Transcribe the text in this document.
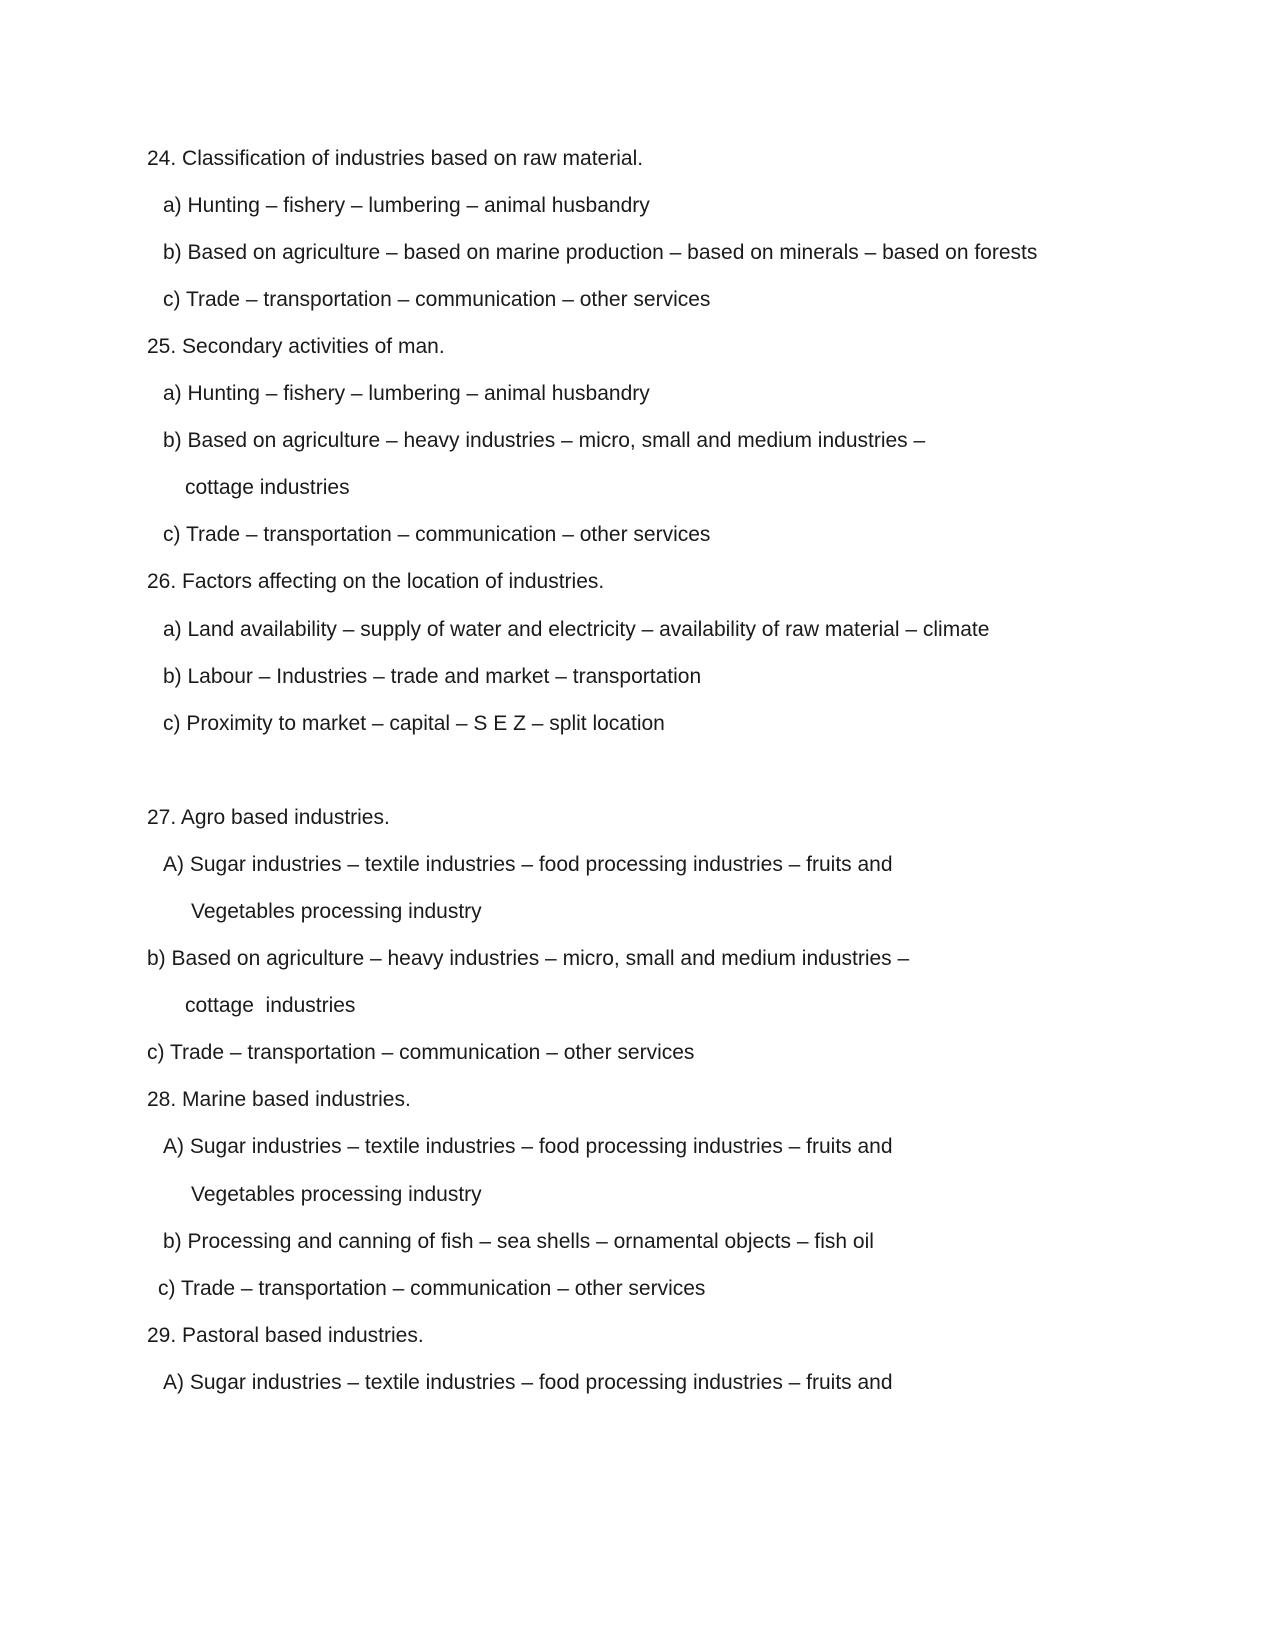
24. Classification of industries based on raw material.
a) Hunting – fishery – lumbering – animal husbandry
b) Based on agriculture – based on marine production – based on minerals – based on forests
c) Trade – transportation – communication – other services
25. Secondary activities of man.
a) Hunting – fishery – lumbering – animal husbandry
b) Based on agriculture – heavy industries – micro, small and medium industries –
cottage industries
c) Trade – transportation – communication – other services
26. Factors affecting on the location of industries.
a) Land availability – supply of water and electricity – availability of raw material – climate
b) Labour – Industries – trade and market – transportation
c) Proximity to market – capital – S E Z – split location
27. Agro based industries.
A) Sugar industries – textile industries – food processing industries – fruits and
Vegetables processing industry
b) Based on agriculture – heavy industries – micro, small and medium industries –
cottage  industries
c) Trade – transportation – communication – other services
28. Marine based industries.
A) Sugar industries – textile industries – food processing industries – fruits and
Vegetables processing industry
b) Processing and canning of fish – sea shells – ornamental objects – fish oil
c) Trade – transportation – communication – other services
29. Pastoral based industries.
A) Sugar industries – textile industries – food processing industries – fruits and
